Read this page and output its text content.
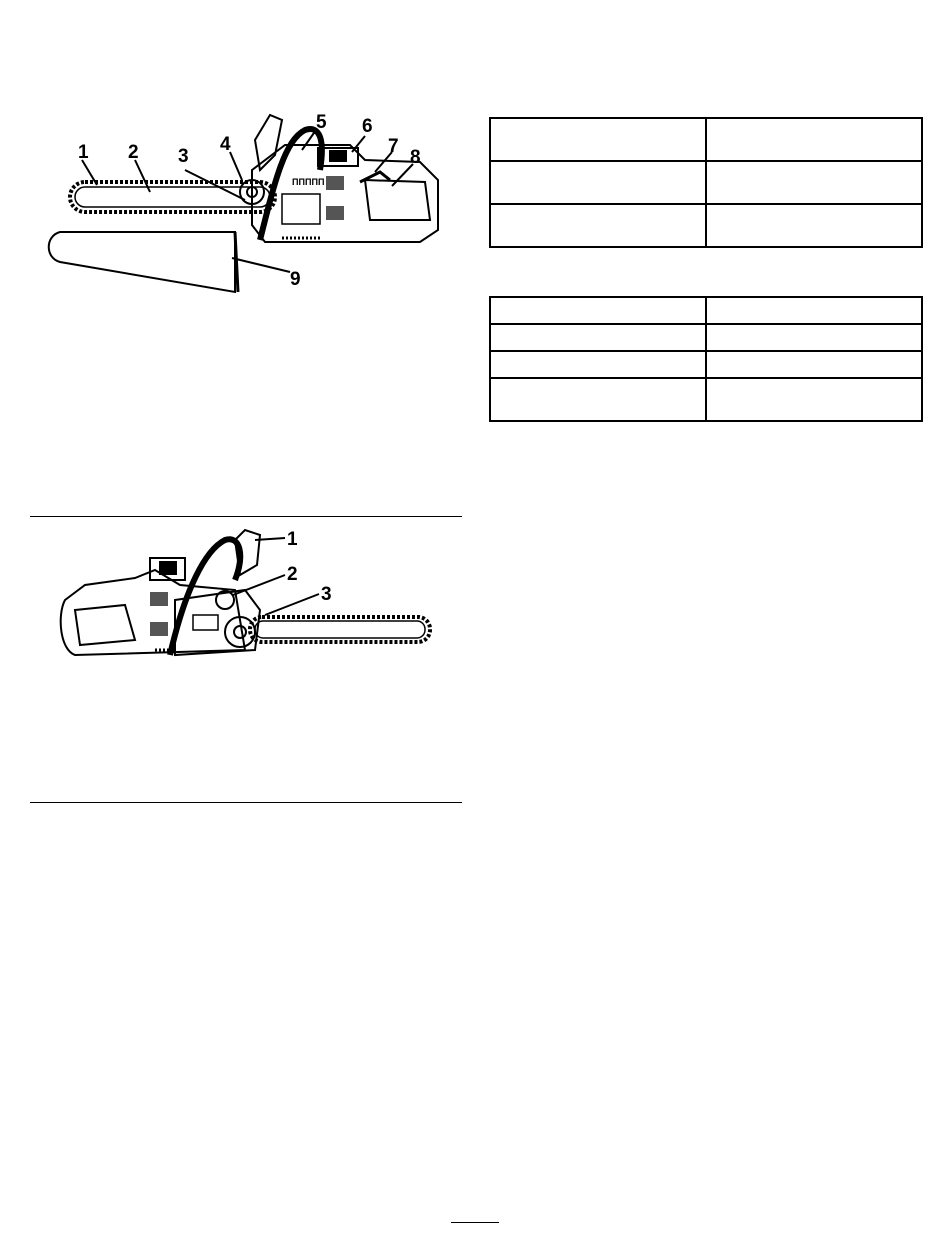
ΠΠΠΠΠ
1 2 3
4
5 6
7
8
9
1
2
3
